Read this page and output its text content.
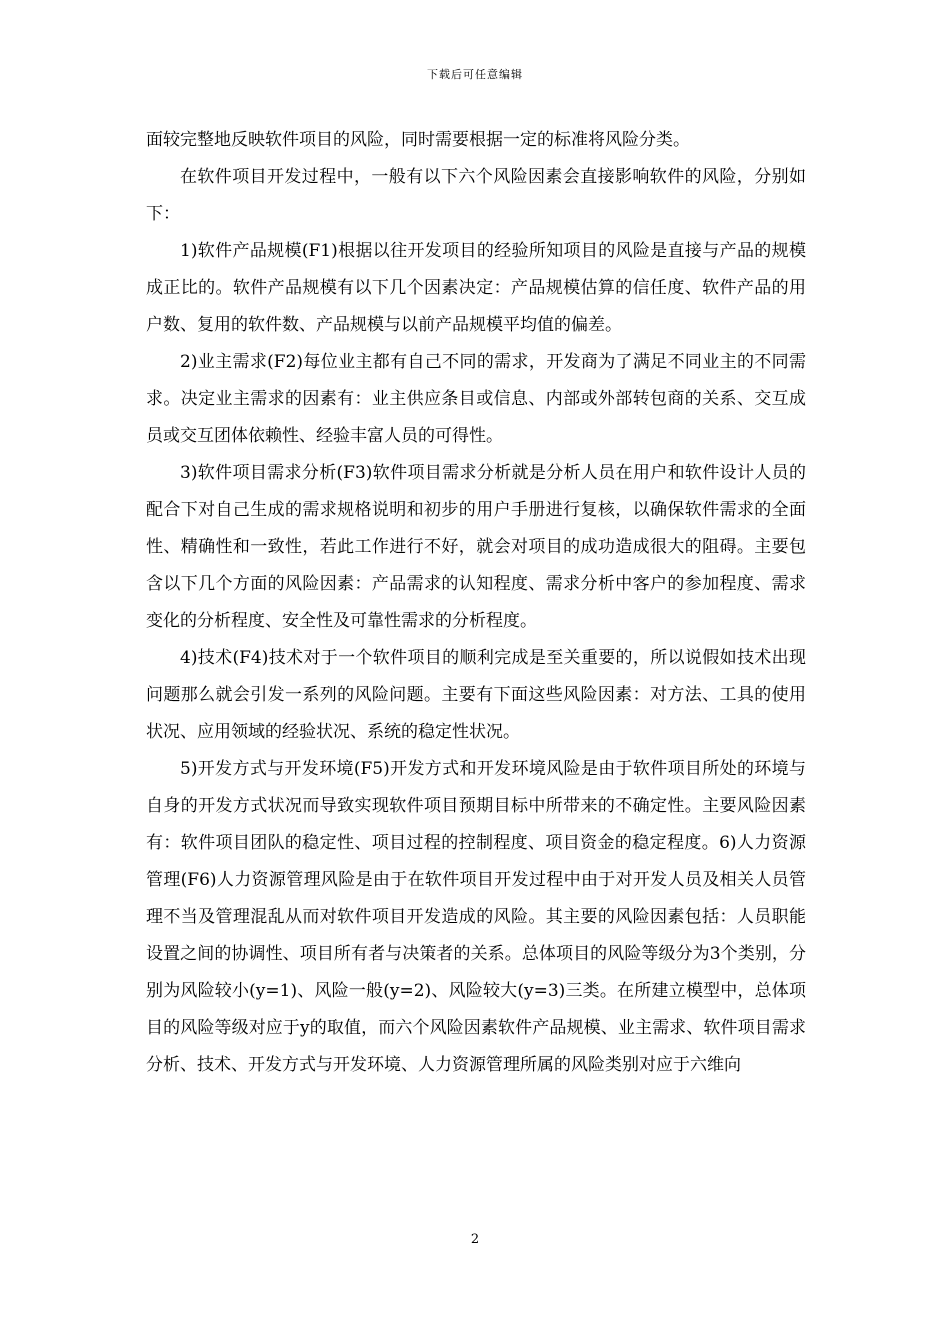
下载后可任意编辑

面较完整地反映软件项目的风险，同时需要根据一定的标准将风险分类。

在软件项目开发过程中，一般有以下六个风险因素会直接影响软件的风险，分别如下：

1)软件产品规模(F1)根据以往开发项目的经验所知项目的风险是直接与产品的规模成正比的。软件产品规模有以下几个因素决定：产品规模估算的信任度、软件产品的用户数、复用的软件数、产品规模与以前产品规模平均值的偏差。

2)业主需求(F2)每位业主都有自己不同的需求，开发商为了满足不同业主的不同需求。决定业主需求的因素有：业主供应条目或信息、内部或外部转包商的关系、交互成员或交互团体依赖性、经验丰富人员的可得性。

3)软件项目需求分析(F3)软件项目需求分析就是分析人员在用户和软件设计人员的配合下对自己生成的需求规格说明和初步的用户手册进行复核，以确保软件需求的全面性、精确性和一致性，若此工作进行不好，就会对项目的成功造成很大的阻碍。主要包含以下几个方面的风险因素：产品需求的认知程度、需求分析中客户的参加程度、需求变化的分析程度、安全性及可靠性需求的分析程度。

4)技术(F4)技术对于一个软件项目的顺利完成是至关重要的，所以说假如技术出现问题那么就会引发一系列的风险问题。主要有下面这些风险因素：对方法、工具的使用状况、应用领域的经验状况、系统的稳定性状况。

5)开发方式与开发环境(F5)开发方式和开发环境风险是由于软件项目所处的环境与自身的开发方式状况而导致实现软件项目预期目标中所带来的不确定性。主要风险因素有：软件项目团队的稳定性、项目过程的控制程度、项目资金的稳定程度。6)人力资源管理(F6)人力资源管理风险是由于在软件项目开发过程中由于对开发人员及相关人员管理不当及管理混乱从而对软件项目开发造成的风险。其主要的风险因素包括：人员职能设置之间的协调性、项目所有者与决策者的关系。总体项目的风险等级分为3个类别，分别为风险较小(y=1)、风险一般(y=2)、风险较大(y=3)三类。在所建立模型中，总体项目的风险等级对应于y的取值，而六个风险因素软件产品规模、业主需求、软件项目需求分析、技术、开发方式与开发环境、人力资源管理所属的风险类别对应于六维向

2
